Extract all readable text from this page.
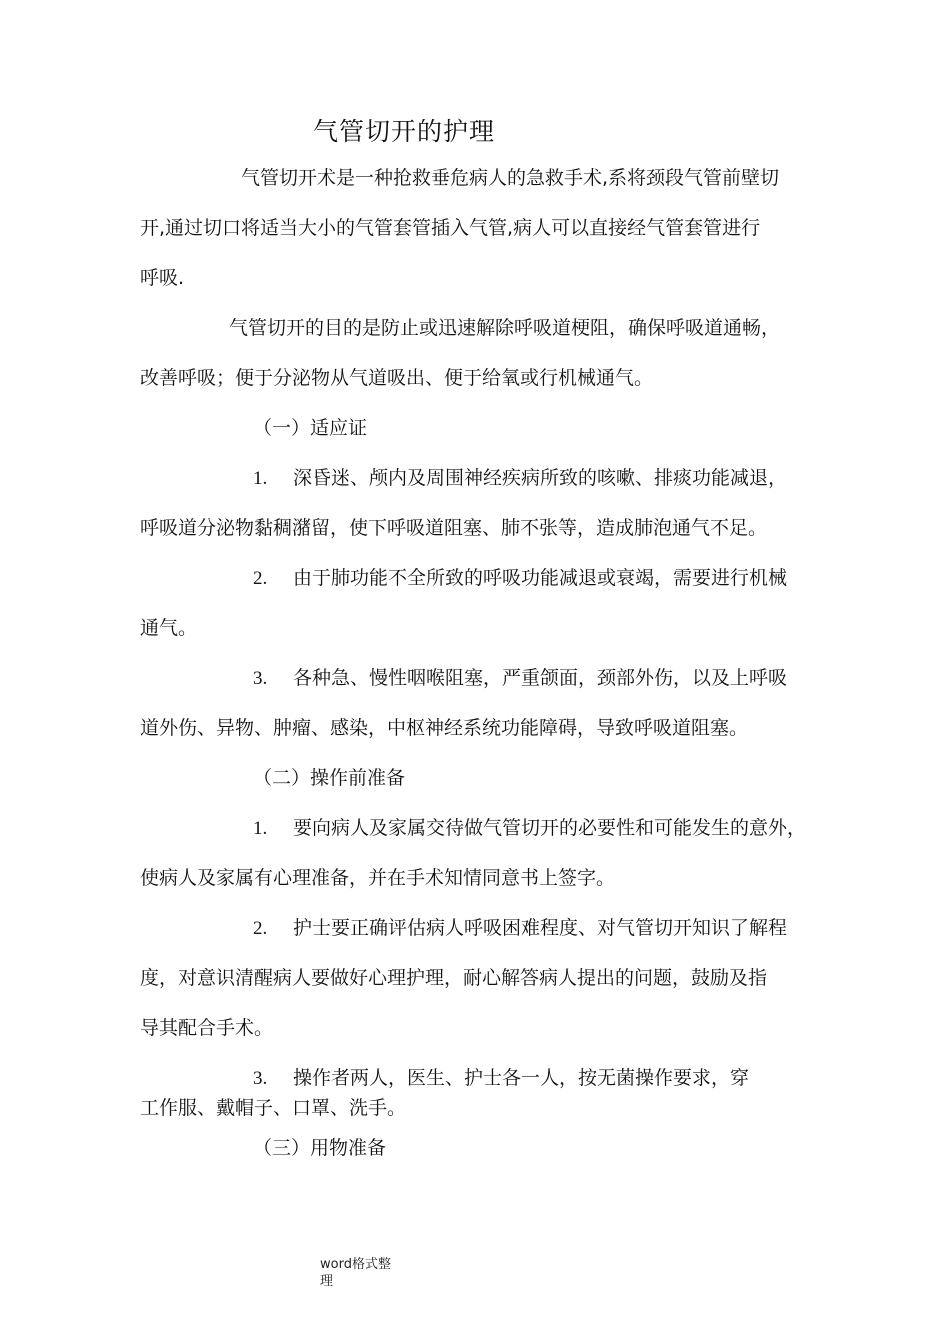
气管切开的护理
气管切开术是一种抢救垂危病人的急救手术,系将颈段气管前壁切
开,通过切口将适当大小的气管套管插入气管,病人可以直接经气管套管进行
呼吸.
气管切开的目的是防止或迅速解除呼吸道梗阻，确保呼吸道通畅，
改善呼吸；便于分泌物从气道吸出、便于给氧或行机械通气。
（一）适应证
1. 深昏迷、颅内及周围神经疾病所致的咳嗽、排痰功能减退，
呼吸道分泌物黏稠潴留，使下呼吸道阻塞、肺不张等，造成肺泡通气不足。
2. 由于肺功能不全所致的呼吸功能减退或衰竭，需要进行机械
通气。
3. 各种急、慢性咽喉阻塞，严重颌面，颈部外伤，以及上呼吸
道外伤、异物、肿瘤、感染，中枢神经系统功能障碍，导致呼吸道阻塞。
（二）操作前准备
1. 要向病人及家属交待做气管切开的必要性和可能发生的意外，
使病人及家属有心理准备，并在手术知情同意书上签字。
2. 护士要正确评估病人呼吸困难程度、对气管切开知识了解程
度，对意识清醒病人要做好心理护理，耐心解答病人提出的问题，鼓励及指
导其配合手术。
3. 操作者两人，医生、护士各一人，按无菌操作要求，穿
工作服、戴帽子、口罩、洗手。
（三）用物准备
word格式整理
